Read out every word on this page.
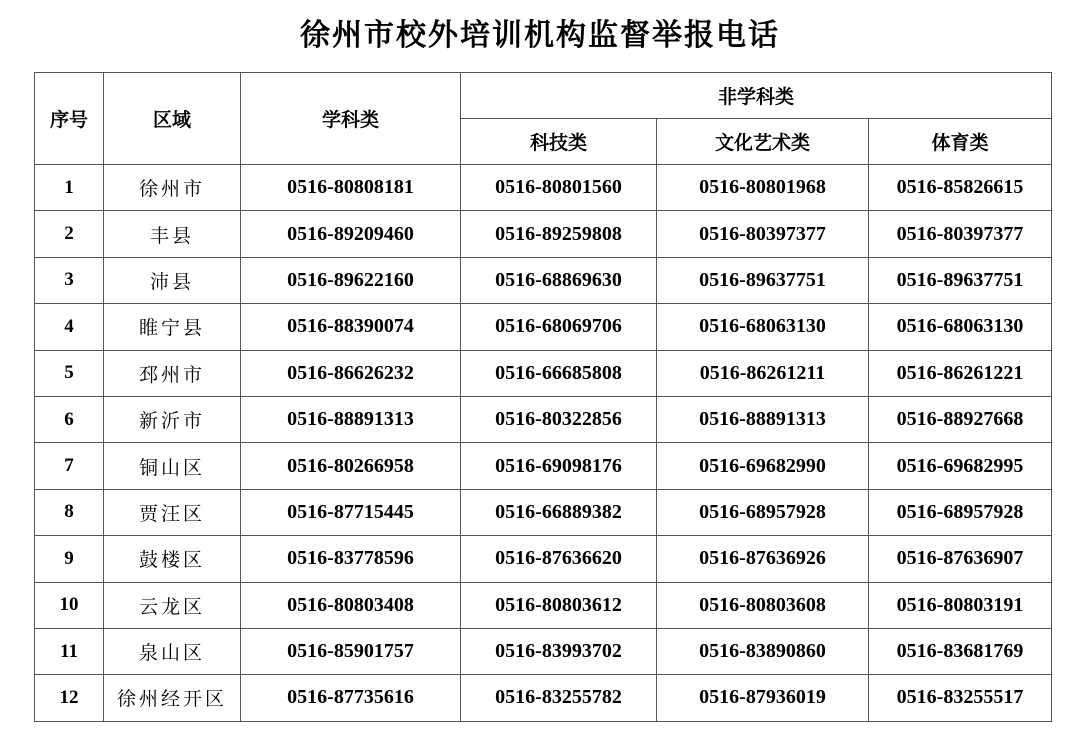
徐州市校外培训机构监督举报电话
序号	区域	学科类	非学科类		
			科技类	文化艺术类	体育类
1	徐州市	0516-80808181	0516-80801560	0516-80801968	0516-85826615
2	丰县	0516-89209460	0516-89259808	0516-80397377	0516-80397377
3	沛县	0516-89622160	0516-68869630	0516-89637751	0516-89637751
4	睢宁县	0516-88390074	0516-68069706	0516-68063130	0516-68063130
5	邳州市	0516-86626232	0516-66685808	0516-86261211	0516-86261221
6	新沂市	0516-88891313	0516-80322856	0516-88891313	0516-88927668
7	铜山区	0516-80266958	0516-69098176	0516-69682990	0516-69682995
8	贾汪区	0516-87715445	0516-66889382	0516-68957928	0516-68957928
9	鼓楼区	0516-83778596	0516-87636620	0516-87636926	0516-87636907
10	云龙区	0516-80803408	0516-80803612	0516-80803608	0516-80803191
11	泉山区	0516-85901757	0516-83993702	0516-83890860	0516-83681769
12	徐州经开区	0516-87735616	0516-83255782	0516-87936019	0516-83255517
